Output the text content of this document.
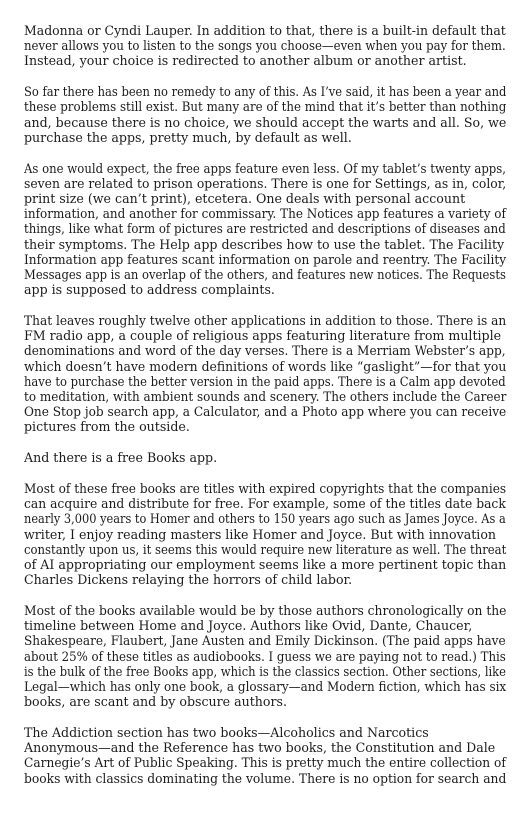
Madonna or Cyndi Lauper. In addition to that, there is a built-in default that
never allows you to listen to the songs you choose—even when you pay for them.
Instead, your choice is redirected to another album or another artist.

So far there has been no remedy to any of this. As I’ve said, it has been a year and
these problems still exist. But many are of the mind that it’s better than nothing
and, because there is no choice, we should accept the warts and all. So, we
purchase the apps, pretty much, by default as well.

As one would expect, the free apps feature even less. Of my tablet’s twenty apps,
seven are related to prison operations. There is one for Settings, as in, color,
print size (we can’t print), etcetera. One deals with personal account
information, and another for commissary. The Notices app features a variety of
things, like what form of pictures are restricted and descriptions of diseases and
their symptoms. The Help app describes how to use the tablet. The Facility
Information app features scant information on parole and reentry. The Facility
Messages app is an overlap of the others, and features new notices. The Requests
app is supposed to address complaints.

That leaves roughly twelve other applications in addition to those. There is an
FM radio app, a couple of religious apps featuring literature from multiple
denominations and word of the day verses. There is a Merriam Webster’s app,
which doesn’t have modern definitions of words like “gaslight”—for that you
have to purchase the better version in the paid apps. There is a Calm app devoted
to meditation, with ambient sounds and scenery. The others include the Career
One Stop job search app, a Calculator, and a Photo app where you can receive
pictures from the outside.

And there is a free Books app.

Most of these free books are titles with expired copyrights that the companies
can acquire and distribute for free. For example, some of the titles date back
nearly 3,000 years to Homer and others to 150 years ago such as James Joyce. As a
writer, I enjoy reading masters like Homer and Joyce. But with innovation
constantly upon us, it seems this would require new literature as well. The threat
of AI appropriating our employment seems like a more pertinent topic than
Charles Dickens relaying the horrors of child labor.

Most of the books available would be by those authors chronologically on the
timeline between Home and Joyce. Authors like Ovid, Dante, Chaucer,
Shakespeare, Flaubert, Jane Austen and Emily Dickinson. (The paid apps have
about 25% of these titles as audiobooks. I guess we are paying not to read.) This
is the bulk of the free Books app, which is the classics section. Other sections, like
Legal—which has only one book, a glossary—and Modern fiction, which has six
books, are scant and by obscure authors.

The Addiction section has two books—Alcoholics and Narcotics
Anonymous—and the Reference has two books, the Constitution and Dale
Carnegie’s Art of Public Speaking. This is pretty much the entire collection of
books with classics dominating the volume. There is no option for search and
